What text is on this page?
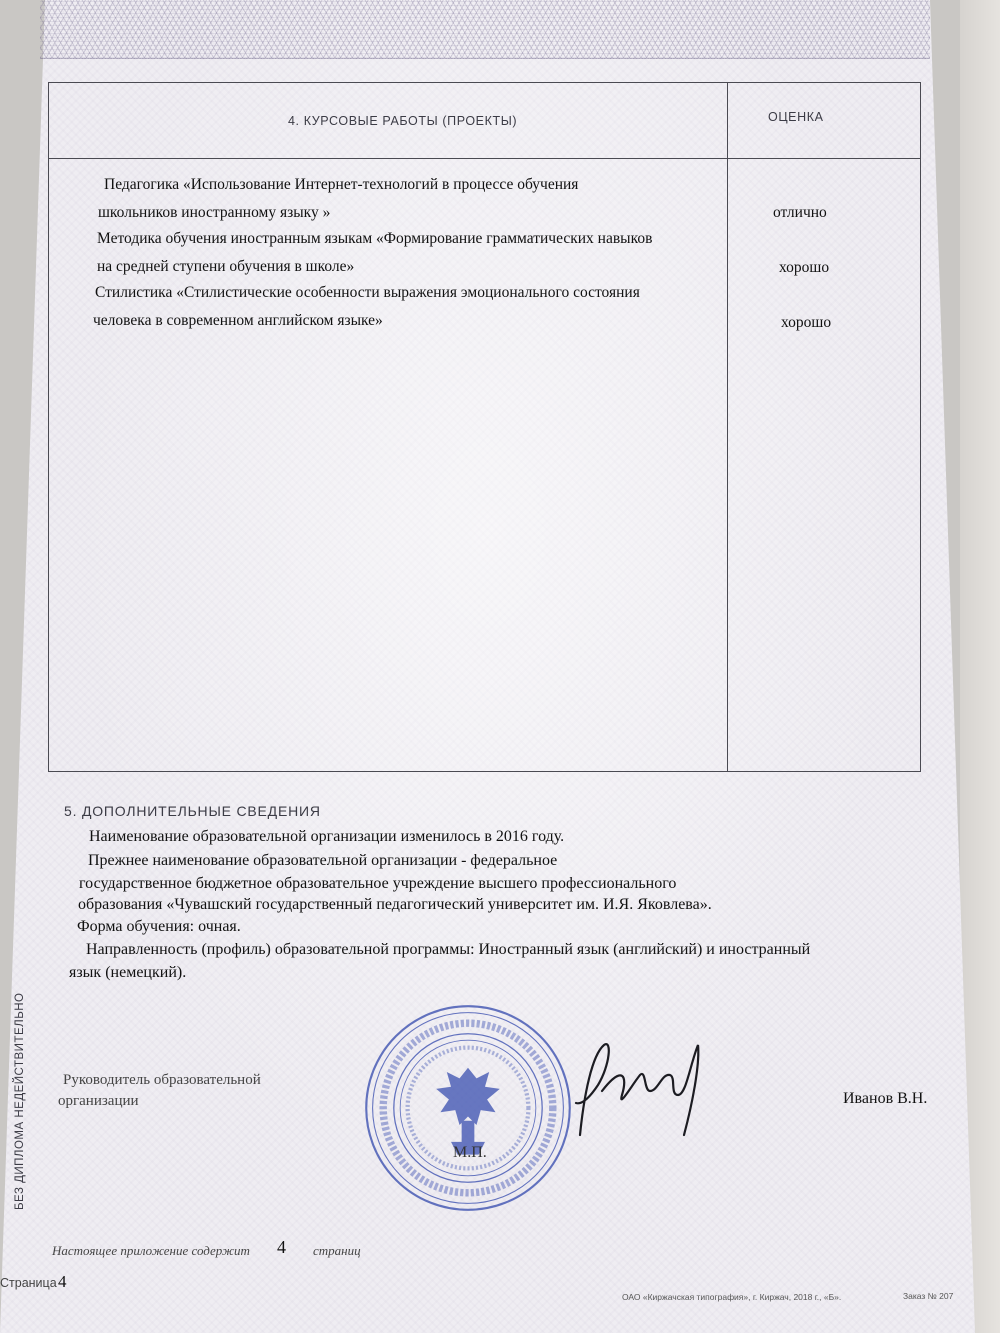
4. КУРСОВЫЕ РАБОТЫ (ПРОЕКТЫ)	ОЦЕНКА
Педагогика «Использование Интернет-технологий в процессе обучения
школьников иностранному языку »	отлично
Методика обучения иностранным языкам «Формирование грамматических навыков
на средней ступени обучения в школе»	хорошо
Стилистика «Стилистические особенности выражения эмоционального состояния
человека в современном английском языке»	хорошо
5. ДОПОЛНИТЕЛЬНЫЕ СВЕДЕНИЯ
Наименование образовательной организации изменилось в 2016 году.
Прежнее наименование образовательной организации - федеральное
государственное бюджетное образовательное учреждение высшего профессионального
образования «Чувашский государственный педагогический университет им. И.Я. Яковлева».
Форма обучения: очная.
Направленность (профиль) образовательной программы: Иностранный язык (английский) и иностранный
язык (немецкий).
БЕЗ ДИПЛОМА НЕДЕЙСТВИТЕЛЬНО Руководитель образовательной
организации
М.П.
Иванов В.Н.
Настоящее приложение содержит 4 страниц
Страница 4
ОАО «Киржачская типография», г. Киржач, 2018 г., «Б».	Заказ № 207
